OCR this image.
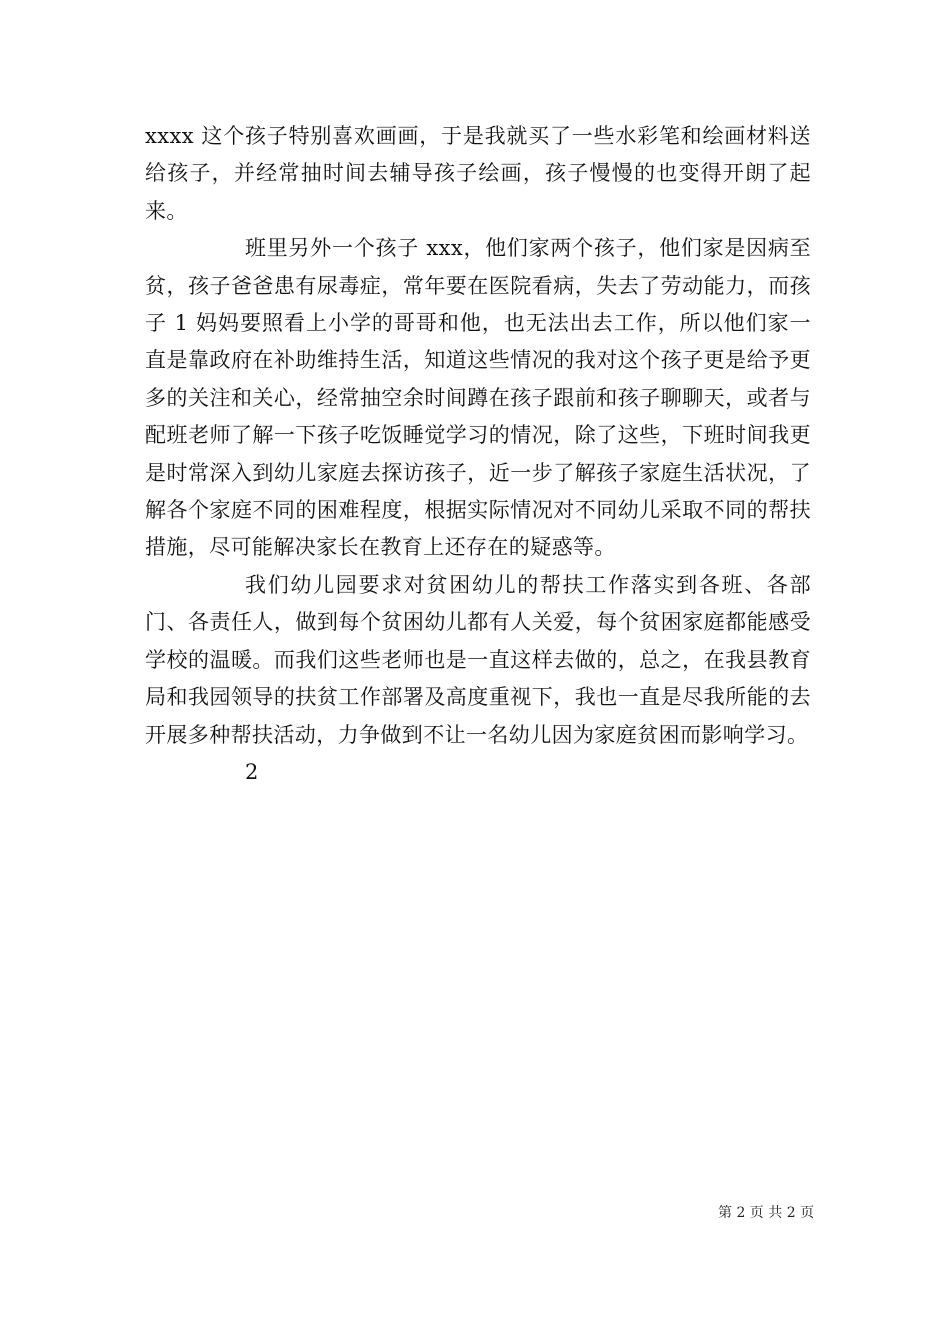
xxxx 这个孩子特别喜欢画画，于是我就买了一些水彩笔和绘画材料送给孩子，并经常抽时间去辅导孩子绘画，孩子慢慢的也变得开朗了起来。

班里另外一个孩子 xxx，他们家两个孩子，他们家是因病至贫，孩子爸爸患有尿毒症，常年要在医院看病，失去了劳动能力，而孩子 1 妈妈要照看上小学的哥哥和他，也无法出去工作，所以他们家一直是靠政府在补助维持生活，知道这些情况的我对这个孩子更是给予更多的关注和关心，经常抽空余时间蹲在孩子跟前和孩子聊聊天，或者与配班老师了解一下孩子吃饭睡觉学习的情况，除了这些，下班时间我更是时常深入到幼儿家庭去探访孩子，近一步了解孩子家庭生活状况，了解各个家庭不同的困难程度，根据实际情况对不同幼儿采取不同的帮扶措施，尽可能解决家长在教育上还存在的疑惑等。

我们幼儿园要求对贫困幼儿的帮扶工作落实到各班、各部门、各责任人，做到每个贫困幼儿都有人关爱，每个贫困家庭都能感受学校的温暖。而我们这些老师也是一直这样去做的，总之，在我县教育局和我园领导的扶贫工作部署及高度重视下，我也一直是尽我所能的去开展多种帮扶活动，力争做到不让一名幼儿因为家庭贫困而影响学习。

2

第 2 页 共 2 页
